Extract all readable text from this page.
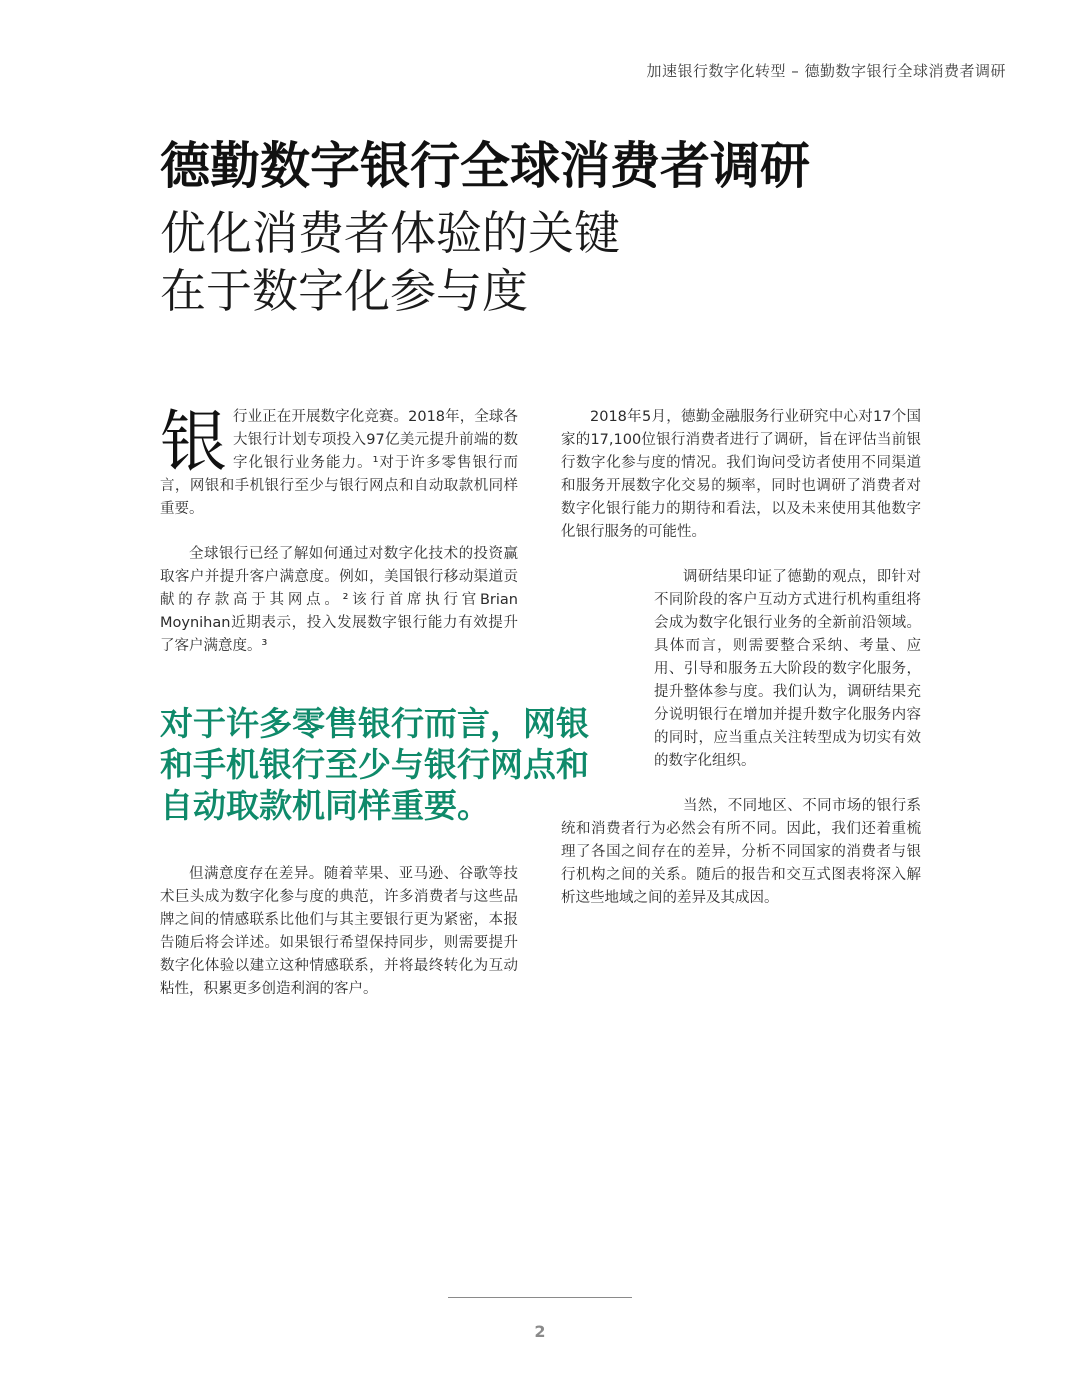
加速银行数字化转型 – 德勤数字银行全球消费者调研
德勤数字银行全球消费者调研
优化消费者体验的关键
在于数字化参与度

银 行业正在开展数字化竞赛。2018年，全球各大银行计划专项投入97亿美元提升前端的数字化银行业务能力。¹对于许多零售银行而言，网银和手机银行至少与银行网点和自动取款机同样重要。

全球银行已经了解如何通过对数字化技术的投资赢取客户并提升客户满意度。例如，美国银行移动渠道贡献的存款高于其网点。²该行首席执行官Brian Moynihan近期表示，投入发展数字银行能力有效提升了客户满意度。³

对于许多零售银行而言，网银
和手机银行至少与银行网点和
自动取款机同样重要。

但满意度存在差异。随着苹果、亚马逊、谷歌等技术巨头成为数字化参与度的典范，许多消费者与这些品牌之间的情感联系比他们与其主要银行更为紧密，本报告随后将会详述。如果银行希望保持同步，则需要提升数字化体验以建立这种情感联系，并将最终转化为互动粘性，积累更多创造利润的客户。

2018年5月，德勤金融服务行业研究中心对17个国家的17,100位银行消费者进行了调研，旨在评估当前银行数字化参与度的情况。我们询问受访者使用不同渠道和服务开展数字化交易的频率，同时也调研了消费者对数字化银行能力的期待和看法，以及未来使用其他数字化银行服务的可能性。

调研结果印证了德勤的观点，即针对不同阶段的客户互动方式进行机构重组将会成为数字化银行业务的全新前沿领域。具体而言，则需要整合采纳、考量、应用、引导和服务五大阶段的数字化服务，提升整体参与度。我们认为，调研结果充分说明银行在增加并提升数字化服务内容的同时，应当重点关注转型成为切实有效的数字化组织。

当然，不同地区、不同市场的银行系统和消费者行为必然会有所不同。因此，我们还着重梳理了各国之间存在的差异，分析不同国家的消费者与银行机构之间的关系。随后的报告和交互式图表将深入解析这些地域之间的差异及其成因。

2
